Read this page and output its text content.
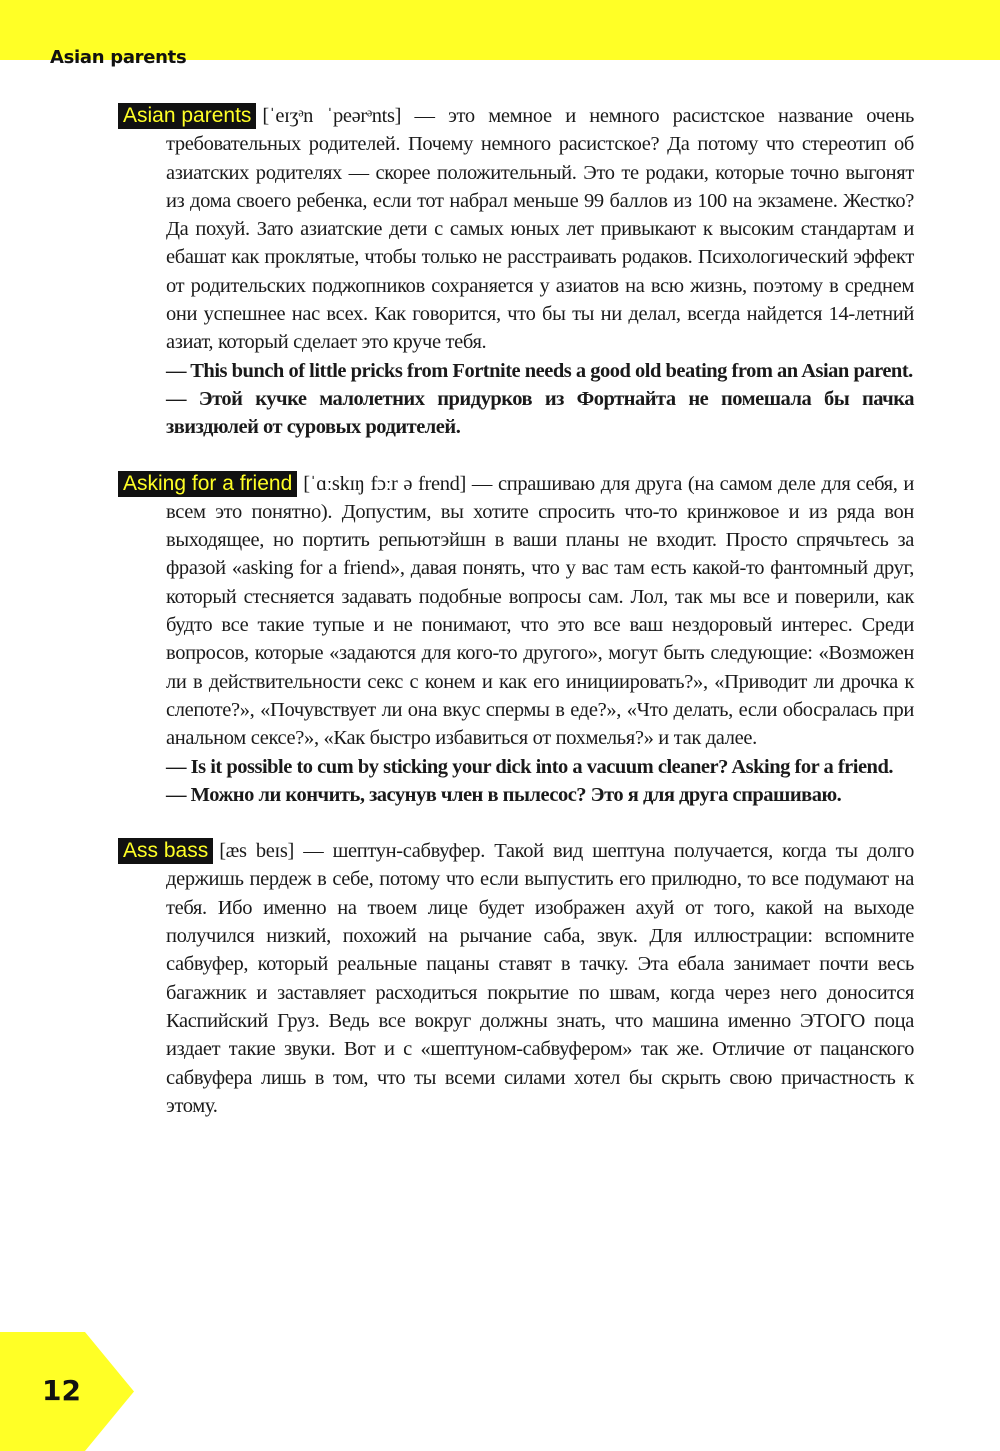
Asian parents

Asian parents [ˈeɪʒᵊn ˈpeərᵊnts] — это мемное и немного расистское название очень требовательных родителей. Почему немного расистское? Да потому что стереотип об азиатских родителях — скорее положительный. Это те родаки, которые точно выгонят из дома своего ребенка, если тот набрал меньше 99 баллов из 100 на экзамене. Жестко? Да похуй. Зато азиатские дети с самых юных лет привыкают к высоким стандартам и ебашат как проклятые, чтобы только не расстраивать родаков. Психологический эффект от родительских поджопников сохраняется у азиатов на всю жизнь, поэтому в среднем они успешнее нас всех. Как говорится, что бы ты ни делал, всегда найдется 14-летний азиат, который сделает это круче тебя.

— This bunch of little pricks from Fortnite needs a good old beating from an Asian parent.

— Этой кучке малолетних придурков из Фортнайта не помешала бы пачка звиздюлей от суровых родителей.

Asking for a friend [ˈɑːskɪŋ fɔːr ə frend] — спрашиваю для друга (на самом деле для себя, и всем это понятно). Допустим, вы хотите спросить что-то кринжовое и из ряда вон выходящее, но портить репьютэйшн в ваши планы не входит. Просто спрячьтесь за фразой «asking for a friend», давая понять, что у вас там есть какой-то фантомный друг, который стесняется задавать подобные вопросы сам. Лол, так мы все и поверили, как будто все такие тупые и не понимают, что это все ваш нездоровый интерес. Среди вопросов, которые «задаются для кого-то другого», могут быть следующие: «Возможен ли в действительности секс с конем и как его инициировать?», «Приводит ли дрочка к слепоте?», «Почувствует ли она вкус спермы в еде?», «Что делать, если обосралась при анальном сексе?», «Как быстро избавиться от похмелья?» и так далее.

— Is it possible to cum by sticking your dick into a vacuum cleaner? Asking for a friend.

— Можно ли кончить, засунув член в пылесос? Это я для друга спрашиваю.

Ass bass [æs beɪs] — шептун-сабвуфер. Такой вид шептуна получается, когда ты долго держишь пердеж в себе, потому что если выпустить его прилюдно, то все подумают на тебя. Ибо именно на твоем лице будет изображен ахуй от того, какой на выходе получился низкий, похожий на рычание саба, звук. Для иллюстрации: вспомните сабвуфер, который реальные пацаны ставят в тачку. Эта ебала занимает почти весь багажник и заставляет расходиться покрытие по швам, когда через него доносится Каспийский Груз. Ведь все вокруг должны знать, что машина именно ЭТОГО поца издает такие звуки. Вот и с «шептуном-сабвуфером» так же. Отличие от пацанского сабвуфера лишь в том, что ты всеми силами хотел бы скрыть свою причастность к этому.

12
